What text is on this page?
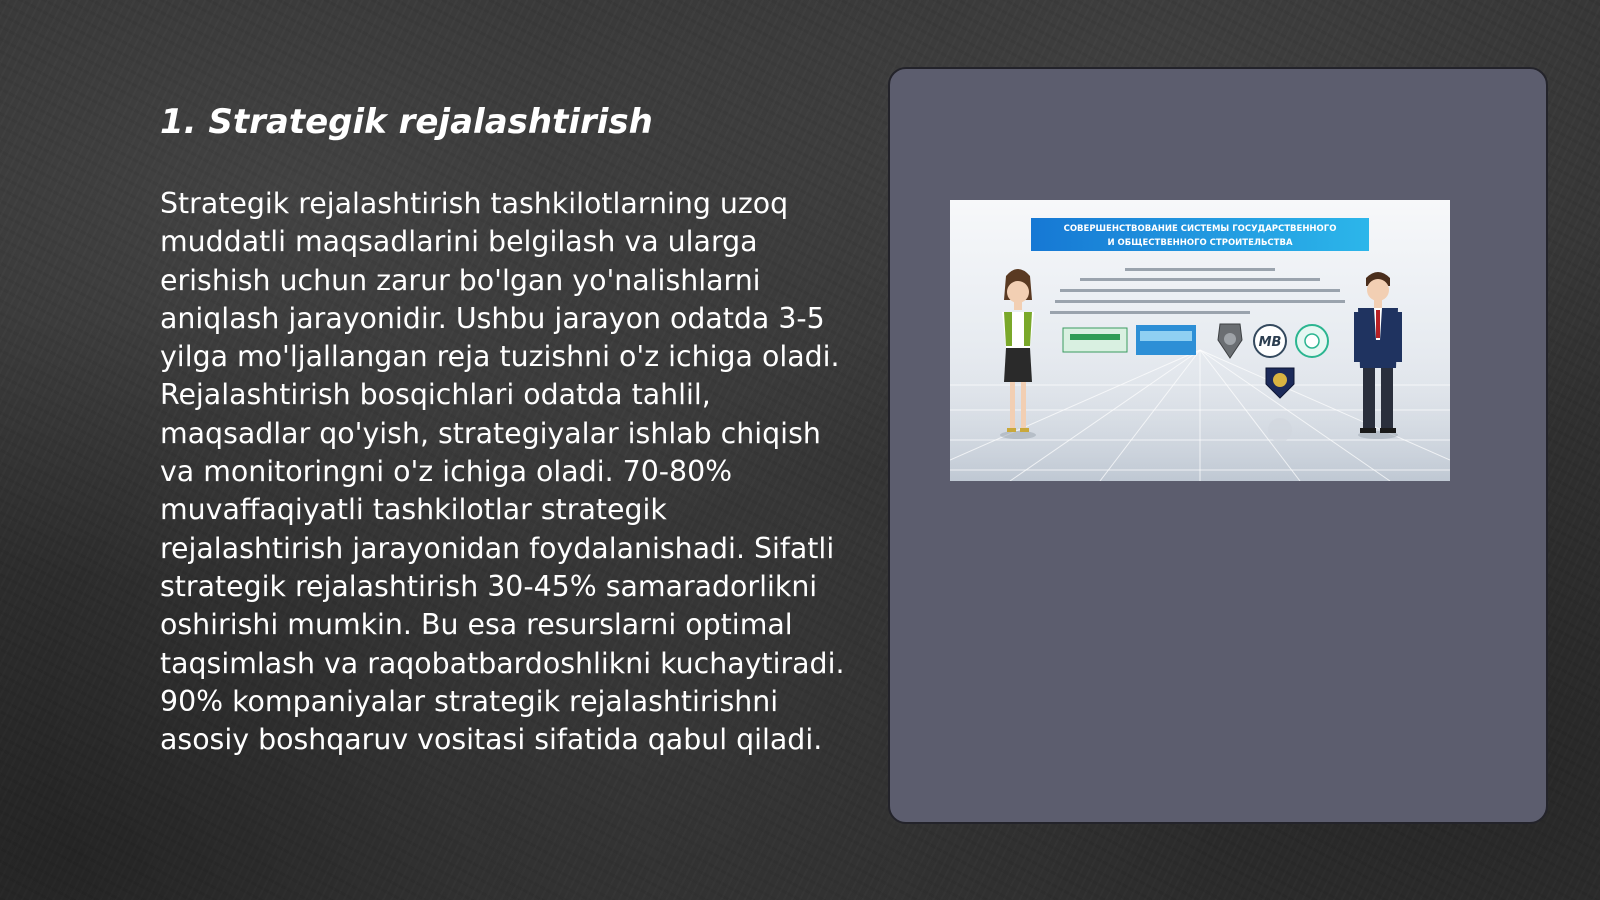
1. Strategik rejalashtirish

Strategik rejalashtirish tashkilotlarning uzoq muddatli maqsadlarini belgilash va ularga erishish uchun zarur bo'lgan yo'nalishlarni aniqlash jarayonidir. Ushbu jarayon odatda 3-5 yilga mo'ljallangan reja tuzishni o'z ichiga oladi. Rejalashtirish bosqichlari odatda tahlil, maqsadlar qo'yish, strategiyalar ishlab chiqish va monitoringni o'z ichiga oladi. 70-80% muvaffaqiyatli tashkilotlar strategik rejalashtirish jarayonidan foydalanishadi. Sifatli strategik rejalashtirish 30-45% samaradorlikni oshirishi mumkin. Bu esa resurslarni optimal taqsimlash va raqobatbardoshlikni kuchaytiradi. 90% kompaniyalar strategik rejalashtirishni asosiy boshqaruv vositasi sifatida qabul qiladi.

СОВЕРШЕНСТВОВАНИЕ СИСТЕМЫ ГОСУДАРСТВЕННОГО
И ОБЩЕСТВЕННОГО СТРОИТЕЛЬСТВА
MB
